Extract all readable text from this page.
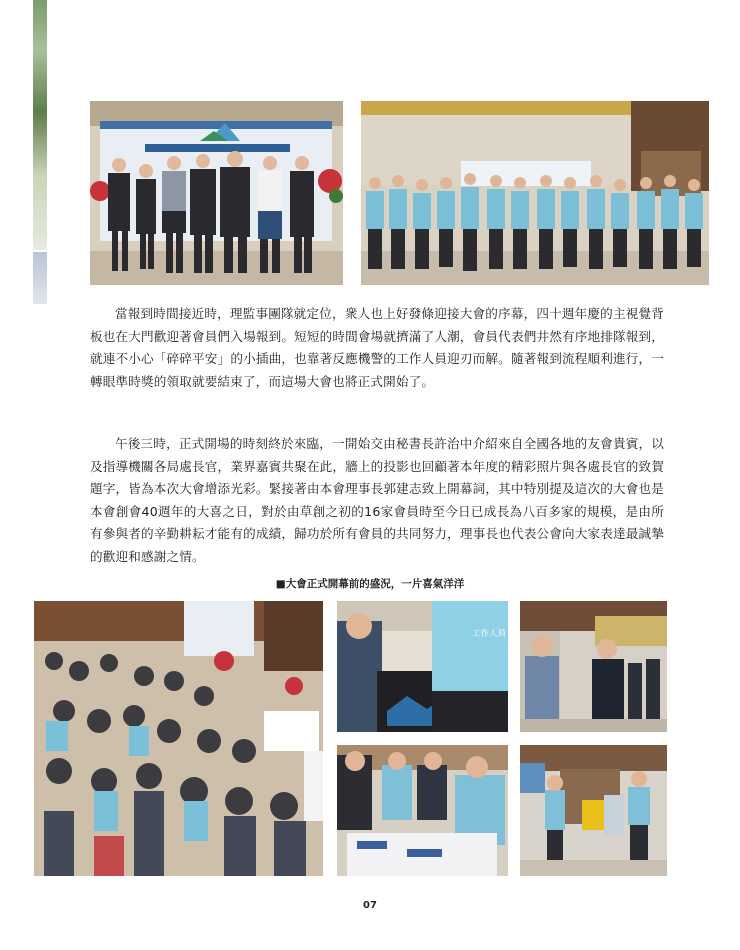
當報到時間接近時，理監事團隊就定位，衆人也上好發條迎接大會的序幕，四十週年慶的主視覺背板也在大門歡迎著會員們入場報到。短短的時間會場就擠滿了人潮，會員代表們井然有序地排隊報到，就連不小心「碎碎平安」的小插曲，也靠著反應機警的工作人員迎刃而解。隨著報到流程順利進行，一轉眼準時獎的領取就要結束了，而這場大會也將正式開始了。

午後三時，正式開場的時刻終於來臨，一開始交由秘書長許治中介紹來自全國各地的友會貴賓，以及指導機關各局處長官，業界嘉賓共聚在此，牆上的投影也回顧著本年度的精彩照片與各處長官的致賀題字，皆為本次大會增添光彩。緊接著由本會理事長郭建志致上開幕詞，其中特別提及這次的大會也是本會創會40週年的大喜之日，對於由草創之初的16家會員時至今日已成長為八百多家的規模，是由所有參與者的辛勤耕耘才能有的成績，歸功於所有會員的共同努力，理事長也代表公會向大家表達最誠摯的歡迎和感謝之情。

■大會正式開幕前的盛況，一片喜氣洋洋
工作人員
07
